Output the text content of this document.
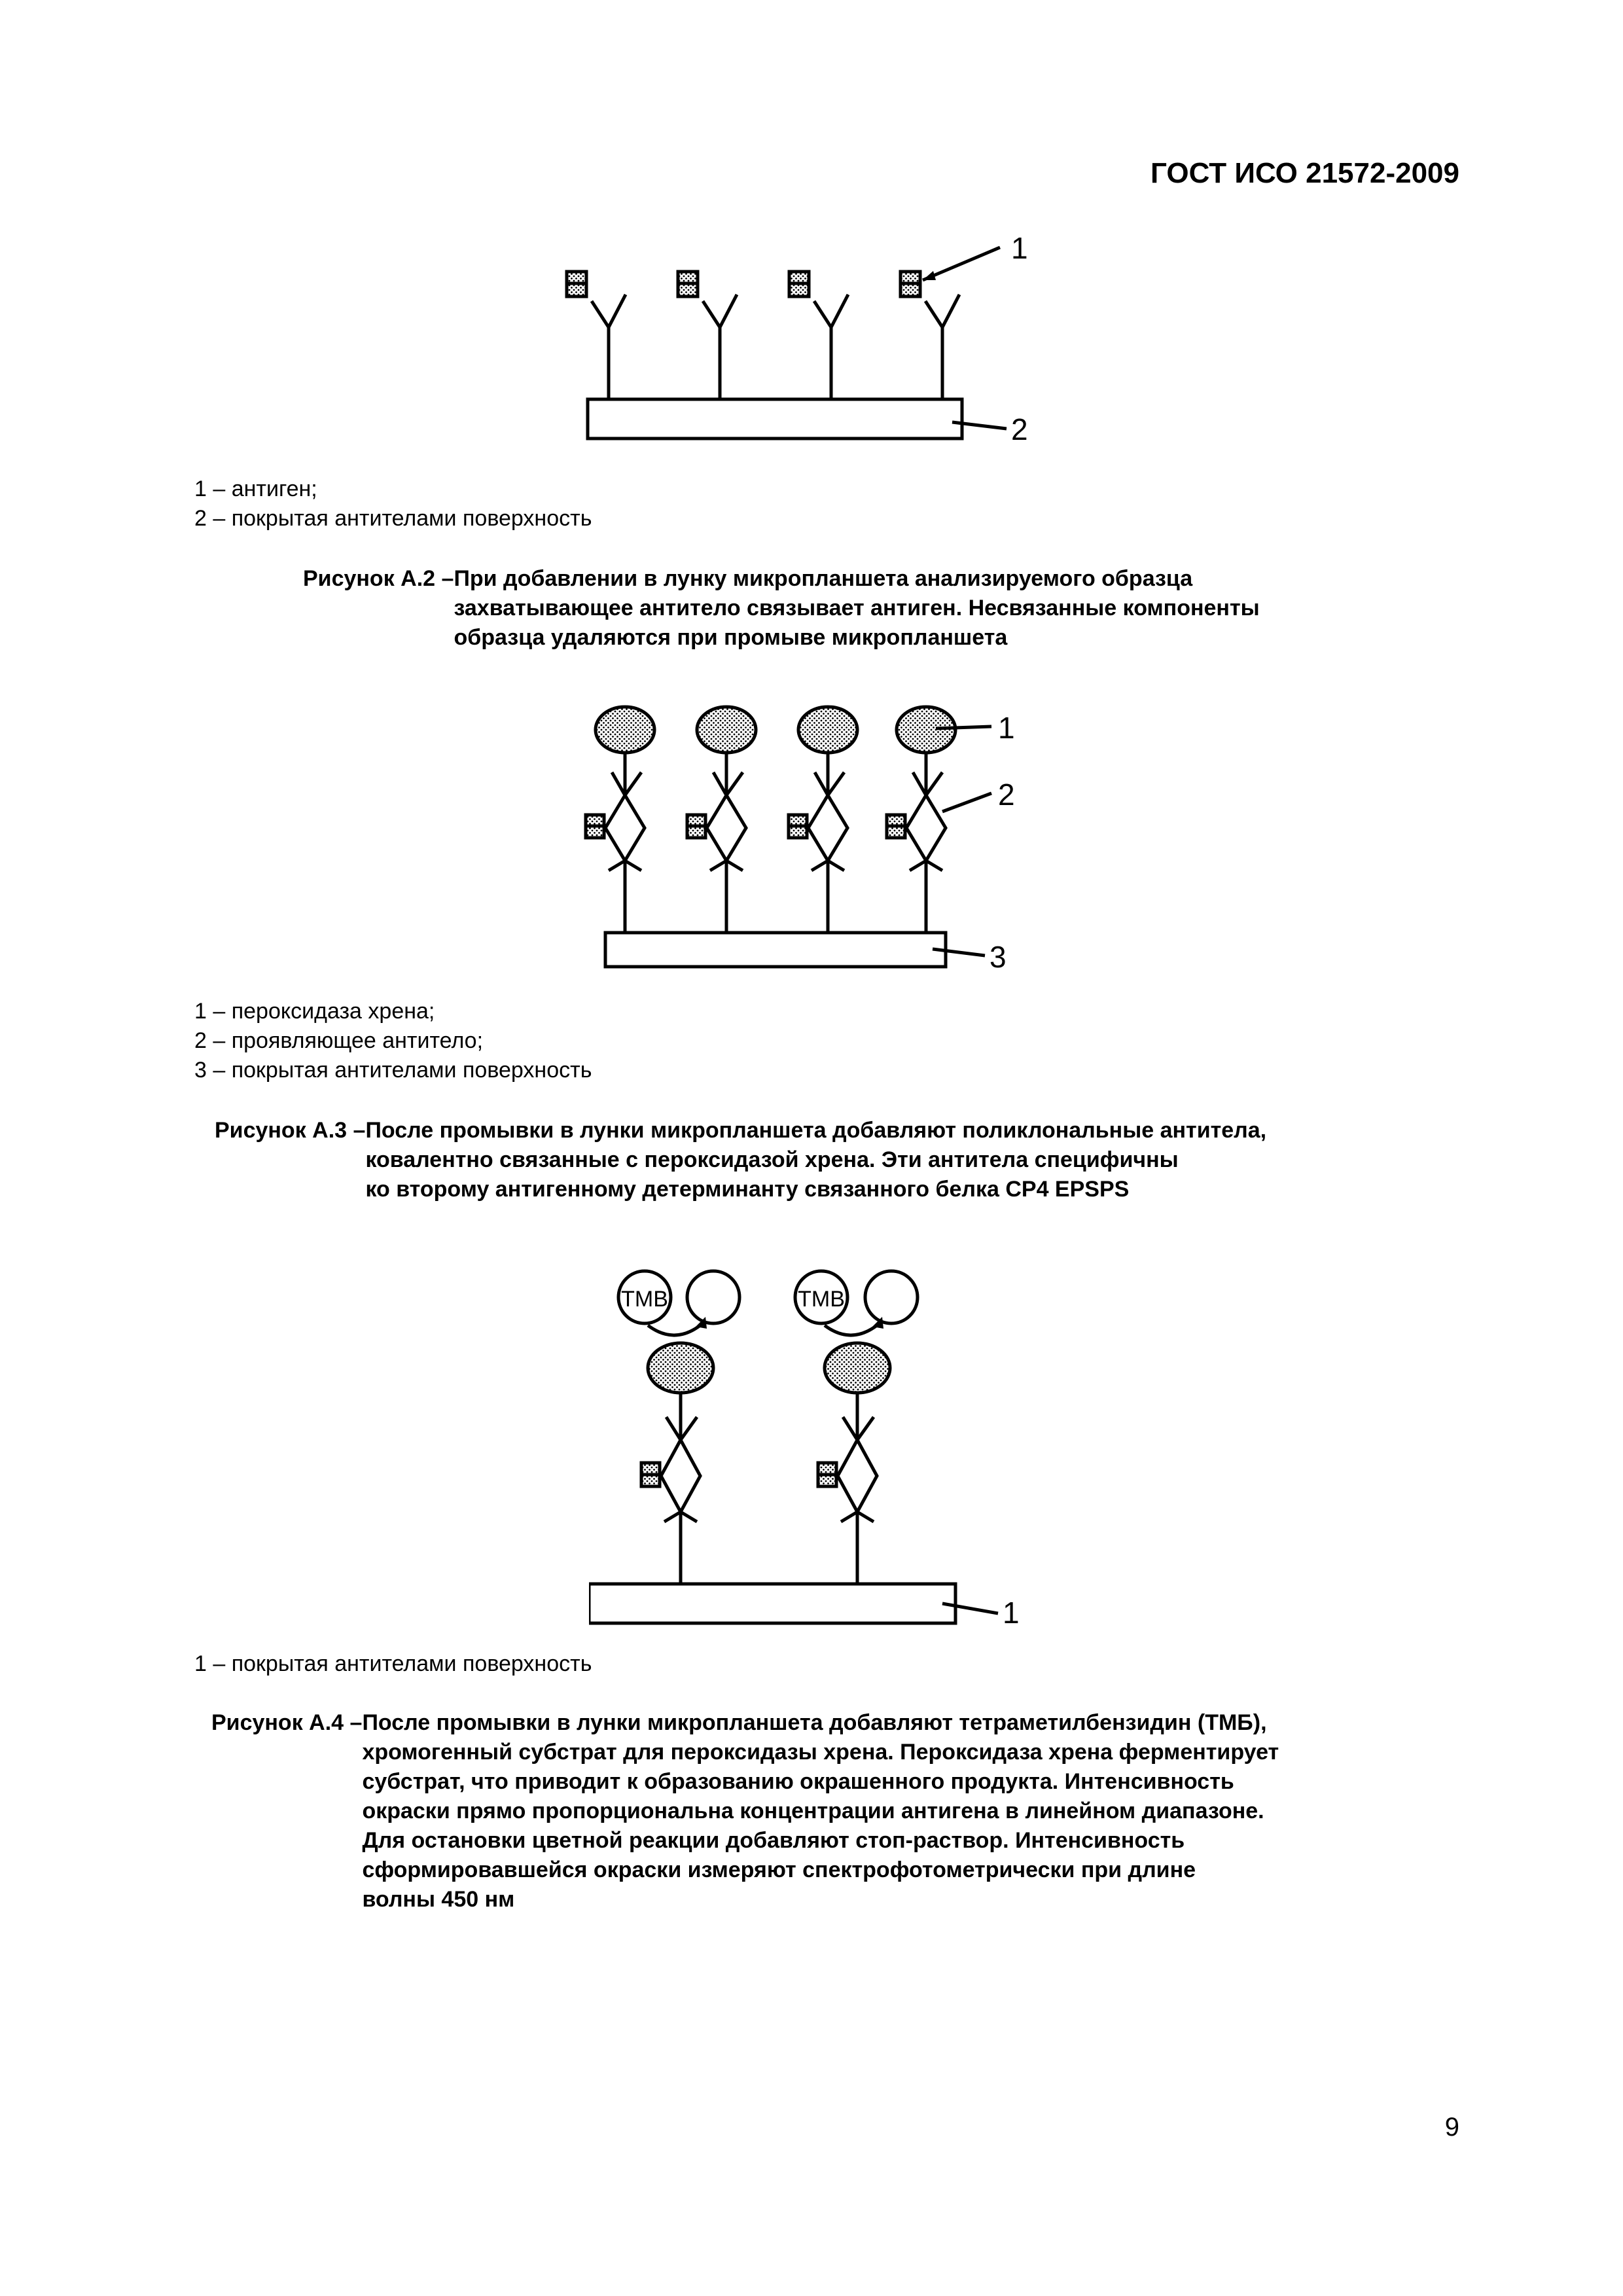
ГОСТ ИСО 21572-2009
1
2
1 – антиген;
2 – покрытая антителами поверхность
Рисунок А.2 – При добавлении в лунку микропланшета анализируемого образца
захватывающее антитело связывает антиген. Несвязанные компоненты
образца удаляются при промыве микропланшета
1
2
3
1 – пероксидаза хрена;
2 – проявляющее антитело;
3 – покрытая антителами поверхность
Рисунок А.3 – После промывки в лунки микропланшета добавляют поликлональные антитела,
ковалентно связанные с пероксидазой хрена. Эти антитела специфичны
ко второму антигенному детерминанту связанного белка СР4 EPSPS
TMB	TMB
1
1 – покрытая антителами поверхность
Рисунок А.4 – После промывки в лунки микропланшета добавляют тетраметилбензидин (ТМБ),
хромогенный субстрат для пероксидазы хрена. Пероксидаза хрена ферментирует
субстрат, что приводит к образованию окрашенного продукта. Интенсивность
окраски прямо пропорциональна концентрации антигена в линейном диапазоне.
Для остановки цветной реакции добавляют стоп-раствор. Интенсивность
сформировавшейся окраски измеряют спектрофотометрически при длине
волны 450 нм
9
